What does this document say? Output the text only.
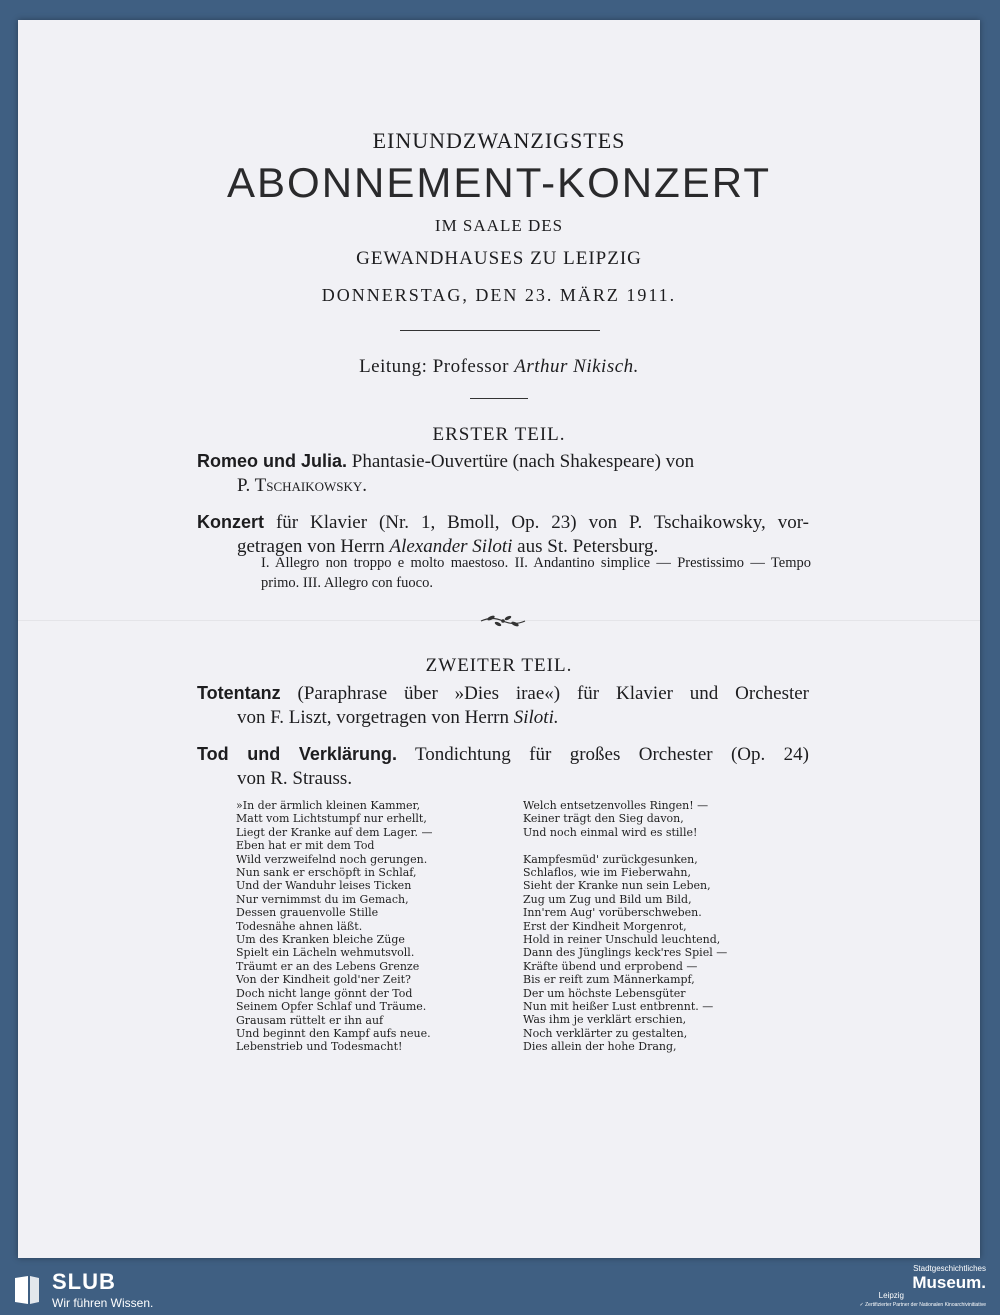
EINUNDZWANZIGSTES
ABONNEMENT-KONZERT
IM SAALE DES
GEWANDHAUSES ZU LEIPZIG
DONNERSTAG, DEN 23. MÄRZ 1911.
Leitung: Professor Arthur Nikisch.
ERSTER TEIL.
Romeo und Julia. Phantasie-Ouvertüre (nach Shakespeare) von
P. Tschaikowsky.
Konzert für Klavier (Nr. 1, Bmoll, Op. 23) von P. Tschaikowsky, vor-
getragen von Herrn Alexander Siloti aus St. Petersburg.
I. Allegro non troppo e molto maestoso. II. Andantino simplice — Prestissimo — Tempo primo. III. Allegro con fuoco.
ZWEITER TEIL.
Totentanz (Paraphrase über »Dies irae«) für Klavier und Orchester
von F. Liszt, vorgetragen von Herrn Siloti.
Tod und Verklärung. Tondichtung für großes Orchester (Op. 24)
von R. Strauss.
»In der ärmlich kleinen Kammer,
Matt vom Lichtstumpf nur erhellt,
Liegt der Kranke auf dem Lager. —
Eben hat er mit dem Tod
Wild verzweifelnd noch gerungen.
Nun sank er erschöpft in Schlaf,
Und der Wanduhr leises Ticken
Nur vernimmst du im Gemach,
Dessen grauenvolle Stille
Todesnähe ahnen läßt.
Um des Kranken bleiche Züge
Spielt ein Lächeln wehmutsvoll.
Träumt er an des Lebens Grenze
Von der Kindheit gold'ner Zeit?
Doch nicht lange gönnt der Tod
Seinem Opfer Schlaf und Träume.
Grausam rüttelt er ihn auf
Und beginnt den Kampf aufs neue.
Lebenstrieb und Todesmacht!
Welch entsetzenvolles Ringen! —
Keiner trägt den Sieg davon,
Und noch einmal wird es stille!
Kampfesmüd' zurückgesunken,
Schlaflos, wie im Fieberwahn,
Sieht der Kranke nun sein Leben,
Zug um Zug und Bild um Bild,
Inn'rem Aug' vorüberschweben.
Erst der Kindheit Morgenrot,
Hold in reiner Unschuld leuchtend,
Dann des Jünglings keck'res Spiel —
Kräfte übend und erprobend —
Bis er reift zum Männerkampf,
Der um höchste Lebensgüter
Nun mit heißer Lust entbrennt. —
Was ihm je verklärt erschien,
Noch verklärter zu gestalten,
Dies allein der hohe Drang,
SLUB
Wir führen Wissen.
Stadtgeschichtliches
Museum.
Leipzig
✓ Zertifizierter Partner der Nationalen Kinoarchivinitiative
